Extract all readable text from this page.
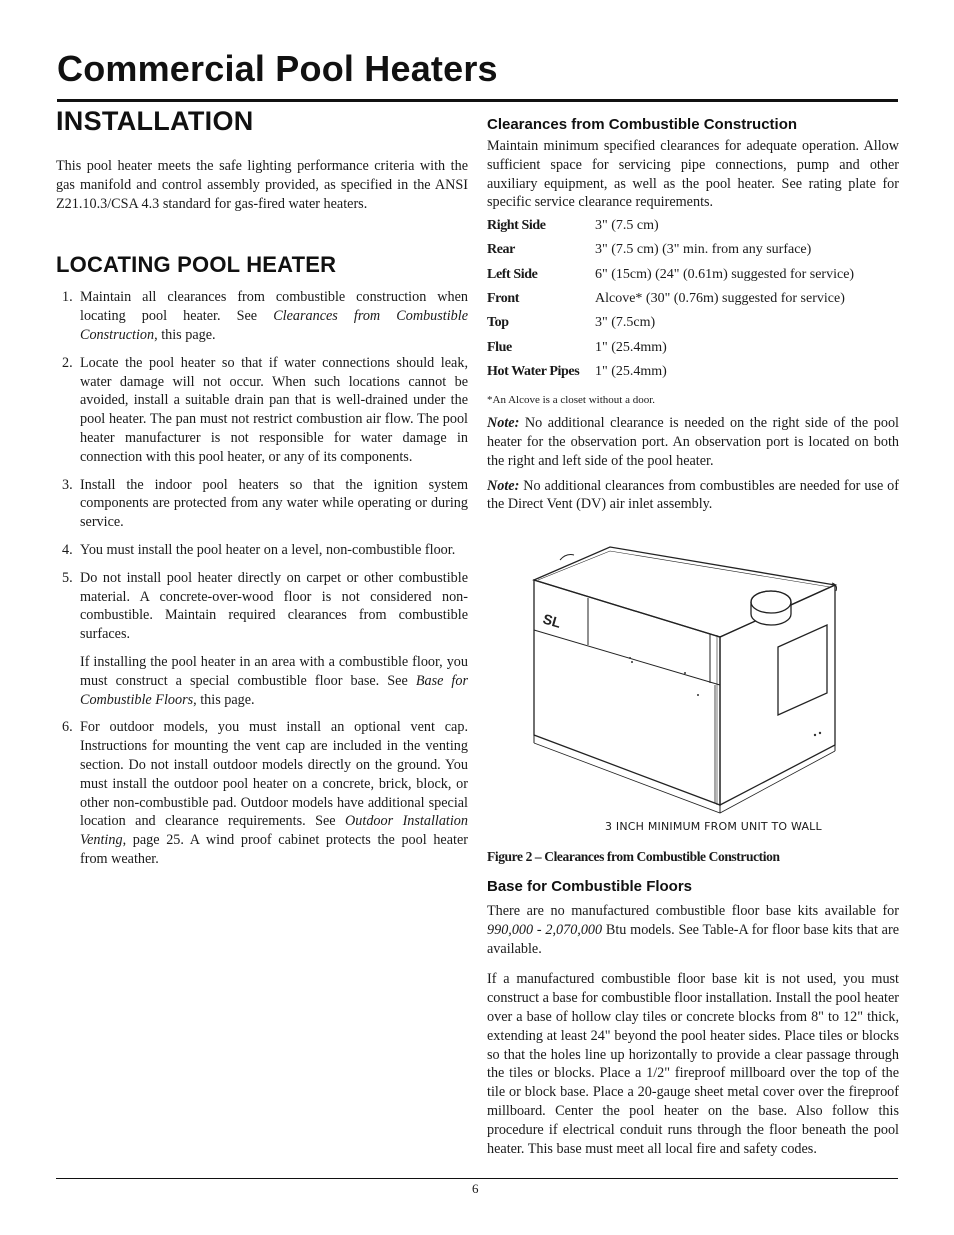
Commercial Pool Heaters
INSTALLATION

This pool heater meets the safe lighting performance criteria with the gas manifold and control assembly provided, as specified in the ANSI Z21.10.3/CSA 4.3 standard for gas-fired water heaters.

LOCATING POOL HEATER
1. Maintain all clearances from combustible construction when locating pool heater. See Clearances from Combustible Construction, this page.
2. Locate the pool heater so that if water connections should leak, water damage will not occur. When such locations cannot be avoided, install a suitable drain pan that is well-drained under the pool heater. The pan must not restrict combustion air flow. The pool heater manufacturer is not responsible for water damage in connection with this pool heater, or any of its components.
3. Install the indoor pool heaters so that the ignition system components are protected from any water while operating or during service.
4. You must install the pool heater on a level, non-combustible floor.
5. Do not install pool heater directly on carpet or other combustible material. A concrete-over-wood floor is not considered non-combustible. Maintain required clearances from combustible surfaces.

If installing the pool heater in an area with a combustible floor, you must construct a special combustible floor base. See Base for Combustible Floors, this page.

6. For outdoor models, you must install an optional vent cap. Instructions for mounting the vent cap are included in the venting section. Do not install outdoor models directly on the ground. You must install the outdoor pool heater on a concrete, brick, block, or other non-combustible pad. Outdoor models have additional special location and clearance requirements. See Outdoor Installation Venting, page 25. A wind proof cabinet protects the pool heater from weather.
Clearances from Combustible Construction

Maintain minimum specified clearances for adequate operation. Allow sufficient space for servicing pipe connections, pump and other auxiliary equipment, as well as the pool heater. See rating plate for specific service clearance requirements.

Right Side	3" (7.5 cm)
Rear	3" (7.5 cm) (3" min. from any surface)
Left Side	6" (15cm) (24" (0.61m) suggested for service)
Front	Alcove* (30" (0.76m) suggested for service)
Top	3" (7.5cm)
Flue	1" (25.4mm)
Hot Water Pipes	1" (25.4mm)
*An Alcove is a closet without a door.

Note: No additional clearance is needed on the right side of the pool heater for the observation port. An observation port is located on both the right and left side of the pool heater.

Note: No additional clearances from combustibles are needed for use of the Direct Vent (DV) air inlet assembly.

SL
3 INCH MINIMUM FROM UNIT TO WALL
Figure 2 – Clearances from Combustible Construction
Base for Combustible Floors

There are no manufactured combustible floor base kits available for 990,000 - 2,070,000 Btu models. See Table-A for floor base kits that are available.

If a manufactured combustible floor base kit is not used, you must construct a base for combustible floor installation. Install the pool heater over a base of hollow clay tiles or concrete blocks from 8" to 12" thick, extending at least 24" beyond the pool heater sides. Place tiles or blocks so that the holes line up horizontally to provide a clear passage through the tiles or blocks. Place a 1/2" fireproof millboard over the top of the tile or block base. Place a 20-gauge sheet metal cover over the fireproof millboard. Center the pool heater on the base. Also follow this procedure if electrical conduit runs through the floor beneath the pool heater. This base must meet all local fire and safety codes.

6
